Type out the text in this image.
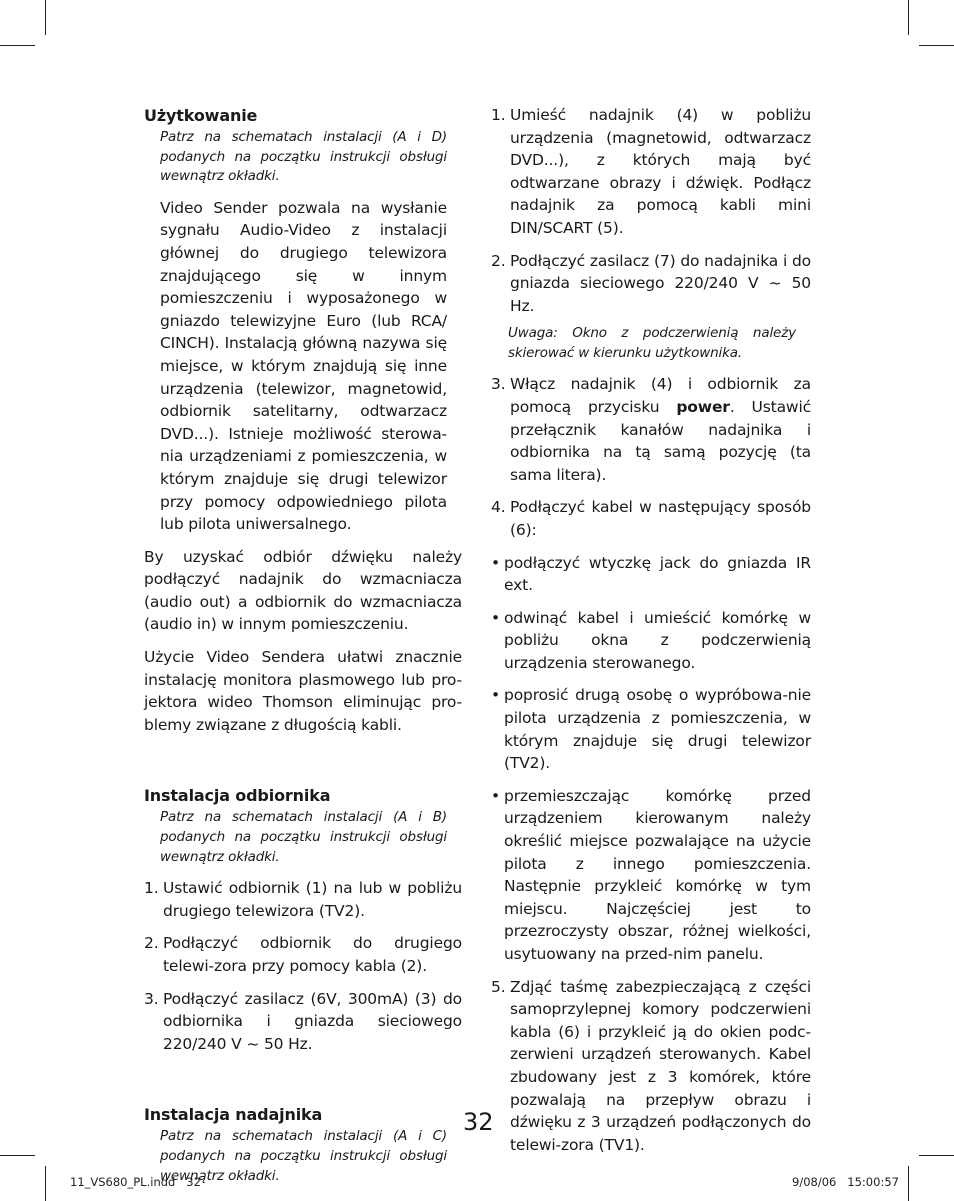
Użytkowanie
Patrz na schematach instalacji (A i D) podanych na początku instrukcji obsługi wewnątrz okładki.

Video Sender pozwala na wysłanie sygnału Audio-Video z instalacji głównej do drugiego telewizora znajdującego się w innym pomieszczeniu i wyposażonego w gniazdo telewizyjne Euro (lub RCA/ CINCH). Instalacją główną nazywa się miejsce, w którym znajdują się inne urządzenia (telewizor, magnetowid, odbiornik satelitarny, odtwarzacz DVD...). Istnieje możliwość sterowa-nia urządzeniami z pomieszczenia, w którym znajduje się drugi telewizor przy pomocy odpowiedniego pilota lub pilota uniwersalnego.

By uzyskać odbiór dźwięku należy podłączyć nadajnik do wzmacniacza (audio out) a odbiornik do wzmacniacza (audio in) w innym pomieszczeniu.

Użycie Video Sendera ułatwi znacznie instalację monitora plasmowego lub pro-jektora wideo Thomson eliminując pro-blemy związane z długością kabli.

Instalacja odbiornika
Patrz na schematach instalacji (A i B) podanych na początku instrukcji obsługi wewnątrz okładki.
1. Ustawić odbiornik (1) na lub w pobliżu drugiego telewizora (TV2).
2. Podłączyć odbiornik do drugiego telewi-zora przy pomocy kabla (2).
3. Podłączyć zasilacz (6V, 300mA) (3) do odbiornika i gniazda sieciowego 220/240 V ~ 50 Hz.
Instalacja nadajnika
Patrz na schematach instalacji (A i C) podanych na początku instrukcji obsługi wewnątrz okładki.
1. Umieść nadajnik (4) w pobliżu urządzenia (magnetowid, odtwarzacz DVD...), z których mają być odtwarzane obrazy i dźwięk. Podłącz nadajnik za pomocą kabli mini DIN/SCART (5).
2. Podłączyć zasilacz (7) do nadajnika i do gniazda sieciowego 220/240 V ~ 50 Hz.
Uwaga: Okno z podczerwienią należy skierować w kierunku użytkownika.
3. Włącz nadajnik (4) i odbiornik za pomocą przycisku power. Ustawić przełącznik kanałów nadajnika i odbiornika na tą samą pozycję (ta sama litera).
4. Podłączyć kabel w następujący sposób (6):
• podłączyć wtyczkę jack do gniazda IR ext.
• odwinąć kabel i umieścić komórkę w pobliżu okna z podczerwienią urządzenia sterowanego.
• poprosić drugą osobę o wypróbowa-nie pilota urządzenia z pomieszczenia, w którym znajduje się drugi telewizor (TV2).
• przemieszczając komórkę przed urządzeniem kierowanym należy określić miejsce pozwalające na użycie pilota z innego pomieszczenia. Następnie przykleić komórkę w tym miejscu. Najczęściej jest to przezroczysty obszar, różnej wielkości, usytuowany na przed-nim panelu.
5. Zdjąć taśmę zabezpieczającą z części samoprzylepnej komory podczerwieni kabla (6) i przykleić ją do okien podc-zerwieni urządzeń sterowanych. Kabel zbudowany jest z 3 komórek, które pozwalają na przepływ obrazu i dźwięku z 3 urządzeń podłączonych do telewi-zora (TV1).
32
11_VS680_PL.indd   32	9/08/06   15:00:57
